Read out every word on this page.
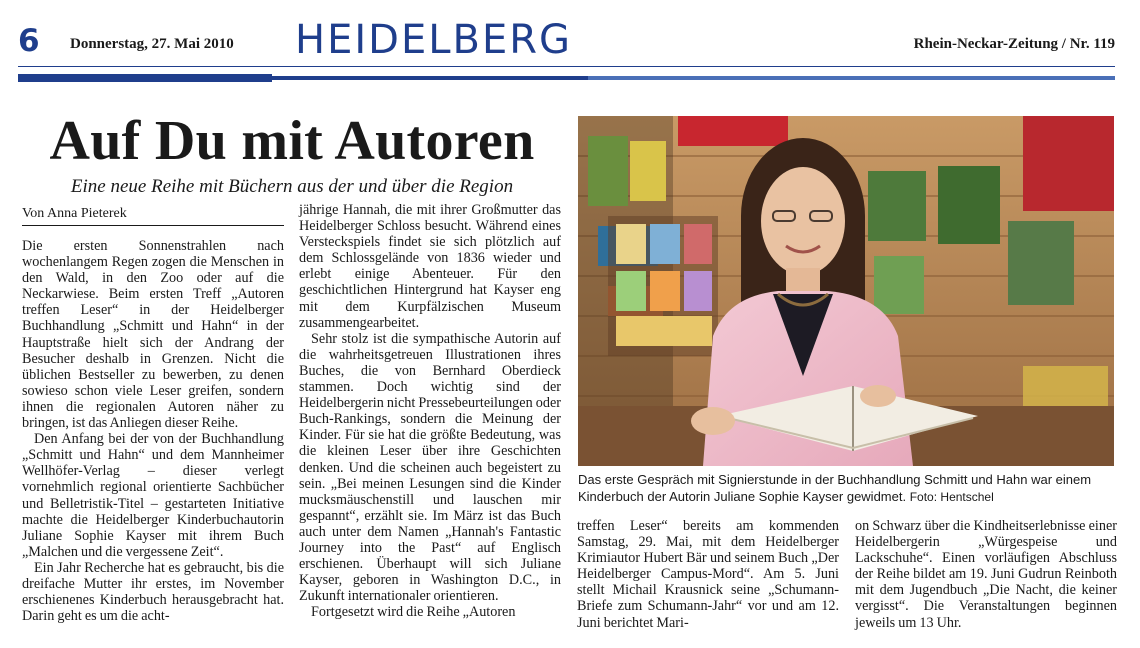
6 Donnerstag, 27. Mai 2010 HEIDELBERG	Rhein-Neckar-Zeitung / Nr. 119
Auf Du mit Autoren
Eine neue Reihe mit Büchern aus der und über die Region
Von Anna Pieterek

Die ersten Sonnenstrahlen nach wochenlangem Regen zogen die Menschen in den Wald, in den Zoo oder auf die Neckarwiese. Beim ersten Treff „Autoren treffen Leser“ in der Heidelberger Buchhandlung „Schmitt und Hahn“ in der Hauptstraße hielt sich der Andrang der Besucher deshalb in Grenzen. Nicht die üblichen Bestseller zu bewerben, zu denen sowieso schon viele Leser greifen, sondern ihnen die regionalen Autoren näher zu bringen, ist das Anliegen dieser Reihe.

Den Anfang bei der von der Buchhandlung „Schmitt und Hahn“ und dem Mannheimer Wellhöfer-Verlag – dieser verlegt vornehmlich regional orientierte Sachbücher und Belletristik-Titel – gestarteten Initiative machte die Heidelberger Kinderbuchautorin Juliane Sophie Kayser mit ihrem Buch „Malchen und die vergessene Zeit“.

Ein Jahr Recherche hat es gebraucht, bis die dreifache Mutter ihr erstes, im November erschienenes Kinderbuch herausgebracht hat. Darin geht es um die acht-

jährige Hannah, die mit ihrer Großmutter das Heidelberger Schloss besucht. Während eines Versteckspiels findet sie sich plötzlich auf dem Schlossgelände von 1836 wieder und erlebt einige Abenteuer. Für den geschichtlichen Hintergrund hat Kayser eng mit dem Kurpfälzischen Museum zusammengearbeitet.

Sehr stolz ist die sympathische Autorin auf die wahrheitsgetreuen Illustrationen ihres Buches, die von Bernhard Oberdieck stammen. Doch wichtig sind der Heidelbergerin nicht Pressebeurteilungen oder Buch-Rankings, sondern die Meinung der Kinder. Für sie hat die größte Bedeutung, was die kleinen Leser über ihre Geschichten denken. Und die scheinen auch begeistert zu sein. „Bei meinen Lesungen sind die Kinder mucksmäuschenstill und lauschen mir gespannt“, erzählt sie. Im März ist das Buch auch unter dem Namen „Hannah's Fantastic Journey into the Past“ auf Englisch erschienen. Überhaupt will sich Juliane Kayser, geboren in Washington D.C., in Zukunft internationaler orientieren.

Fortgesetzt wird die Reihe „Autoren

Das erste Gespräch mit Signierstunde in der Buchhandlung Schmitt und Hahn war einem Kinderbuch der Autorin Juliane Sophie Kayser gewidmet. Foto: Hentschel

treffen Leser“ bereits am kommenden Samstag, 29. Mai, mit dem Heidelberger Krimiautor Hubert Bär und seinem Buch „Der Heidelberger Campus-Mord“. Am 5. Juni stellt Michail Krausnick seine „Schumann-Briefe zum Schumann-Jahr“ vor und am 12. Juni berichtet Mari-

on Schwarz über die Kindheitserlebnisse einer Heidelbergerin „Würgespeise und Lackschuhe“. Einen vorläufigen Abschluss der Reihe bildet am 19. Juni Gudrun Reinboth mit dem Jugendbuch „Die Nacht, die keiner vergisst“. Die Veranstaltungen beginnen jeweils um 13 Uhr.
